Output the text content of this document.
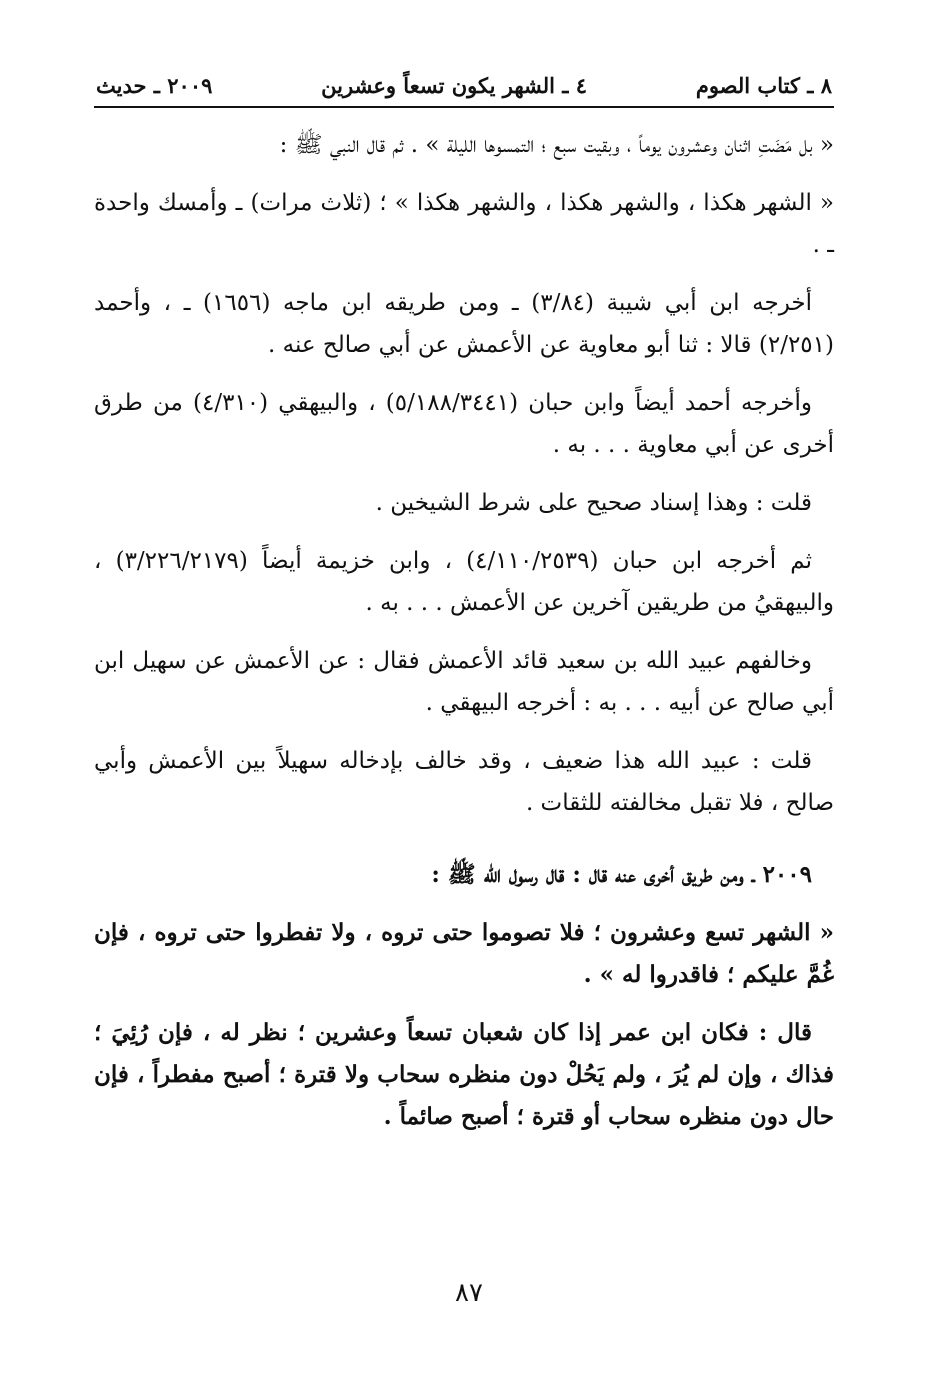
٨ ـ كتاب الصوم
٤ ـ الشهر يكون تسعاً وعشرين
٢٠٠٩ ـ حديث

« بل مَضَتِ اثنان وعشرون يوماً ، وبقيت سبع ؛ التمسوها الليلة » . ثم قال النبي ﷺ :

« الشهر هكذا ، والشهر هكذا ، والشهر هكذا » ؛ (ثلاث مرات) ـ وأمسك واحدة ـ .

أخرجه ابن أبي شيبة (٣/٨٤) ـ ومن طريقه ابن ماجه (١٦٥٦) ـ ، وأحمد (٢/٢٥١) قالا : ثنا أبو معاوية عن الأعمش عن أبي صالح عنه .

وأخرجه أحمد أيضاً وابن حبان (٥/١٨٨/٣٤٤١) ، والبيهقي (٤/٣١٠) من طرق أخرى عن أبي معاوية . . . به .

قلت : وهذا إسناد صحيح على شرط الشيخين .

ثم أخرجه ابن حبان (٤/١١٠/٢٥٣٩) ، وابن خزيمة أيضاً (٣/٢٢٦/٢١٧٩) ، والبيهقيُ من طريقين آخرين عن الأعمش . . . به .

وخالفهم عبيد الله بن سعيد قائد الأعمش فقال : عن الأعمش عن سهيل ابن أبي صالح عن أبيه . . . به : أخرجه البيهقي .

قلت : عبيد الله هذا ضعيف ، وقد خالف بإدخاله سهيلاً بين الأعمش وأبي صالح ، فلا تقبل مخالفته للثقات .

٢٠٠٩ ـ ومن طريق أخرى عنه قال : قال رسول الله ﷺ :

« الشهر تسع وعشرون ؛ فلا تصوموا حتى تروه ، ولا تفطروا حتى تروه ، فإن غُمَّ عليكم ؛ فاقدروا له » .

قال : فكان ابن عمر إذا كان شعبان تسعاً وعشرين ؛ نظر له ، فإن رُئِيَ ؛ فذاك ، وإن لم يُرَ ، ولم يَحُلْ دون منظره سحاب ولا قترة ؛ أصبح مفطراً ، فإن حال دون منظره سحاب أو قترة ؛ أصبح صائماً .

٨٧
